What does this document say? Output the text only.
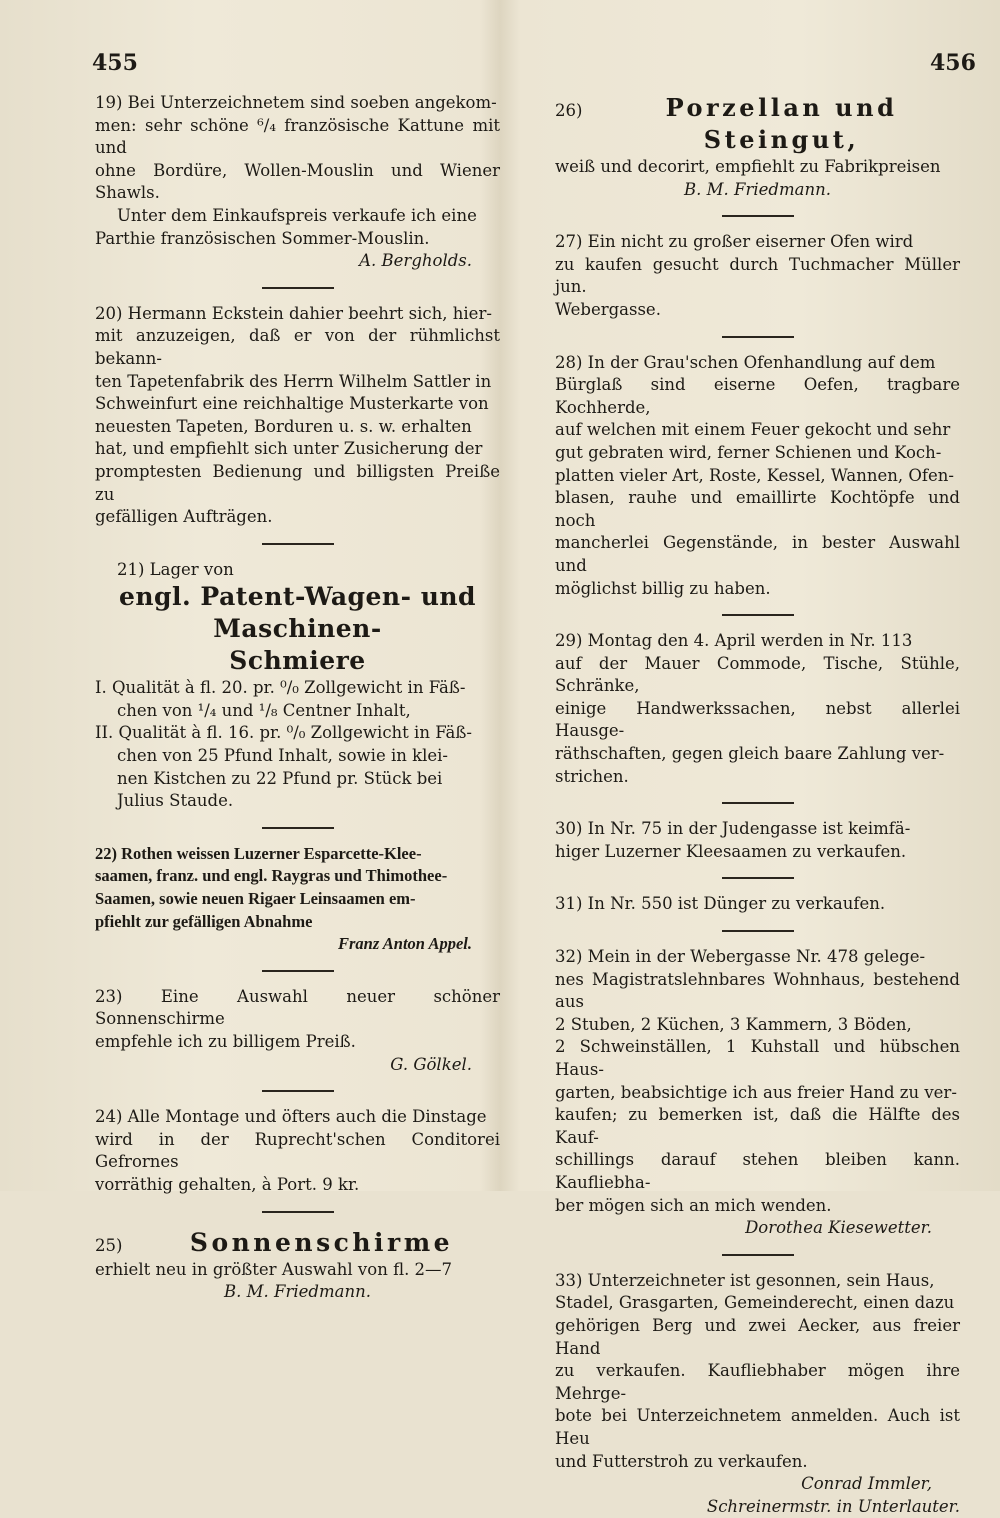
455	456

19) Bei Unterzeichnetem sind soeben angekom-

men: sehr schöne ⁶/₄ französische Kattune mit und

ohne Bordüre, Wollen-Mouslin und Wiener Shawls.

Unter dem Einkaufspreis verkaufe ich eine

Parthie französischen Sommer-Mouslin.

A. Bergholds.

20) Hermann Eckstein dahier beehrt sich, hier-

mit anzuzeigen, daß er von der rühmlichst bekann-

ten Tapetenfabrik des Herrn Wilhelm Sattler in

Schweinfurt eine reichhaltige Musterkarte von

neuesten Tapeten, Borduren u. s. w. erhalten

hat, und empfiehlt sich unter Zusicherung der

promptesten Bedienung und billigsten Preiße zu

gefälligen Aufträgen.

21) Lager von

engl. Patent-Wagen- und Maschinen-

Schmiere

I. Qualität à fl. 20. pr. ⁰/₀ Zollgewicht in Fäß-

chen von ¹/₄ und ¹/₈ Centner Inhalt,

II. Qualität à fl. 16. pr. ⁰/₀ Zollgewicht in Fäß-

chen von 25 Pfund Inhalt, sowie in klei-

nen Kistchen zu 22 Pfund pr. Stück bei

Julius Staude.

22) Rothen weissen Luzerner Esparcette-Klee-

saamen, franz. und engl. Raygras und Thimothee-

Saamen, sowie neuen Rigaer Leinsaamen em-

pfiehlt zur gefälligen Abnahme

Franz Anton Appel.

23) Eine Auswahl neuer schöner Sonnenschirme

empfehle ich zu billigem Preiß.

G. Gölkel.

24) Alle Montage und öfters auch die Dinstage

wird in der Ruprecht'schen Conditorei Gefrornes

vorräthig gehalten, à Port. 9 kr.

25)	Sonnenschirme

erhielt neu in größter Auswahl von fl. 2—7

B. M. Friedmann.

26)	Porzellan und Steingut,

weiß und decorirt, empfiehlt zu Fabrikpreisen

B. M. Friedmann.

27) Ein nicht zu großer eiserner Ofen wird

zu kaufen gesucht durch Tuchmacher Müller jun.

Webergasse.

28) In der Grau'schen Ofenhandlung auf dem

Bürglaß sind eiserne Oefen, tragbare Kochherde,

auf welchen mit einem Feuer gekocht und sehr

gut gebraten wird, ferner Schienen und Koch-

platten vieler Art, Roste, Kessel, Wannen, Ofen-

blasen, rauhe und emaillirte Kochtöpfe und noch

mancherlei Gegenstände, in bester Auswahl und

möglichst billig zu haben.

29) Montag den 4. April werden in Nr. 113

auf der Mauer Commode, Tische, Stühle, Schränke,

einige Handwerkssachen, nebst allerlei Hausge-

räthschaften, gegen gleich baare Zahlung ver-

strichen.

30) In Nr. 75 in der Judengasse ist keimfä-

higer Luzerner Kleesaamen zu verkaufen.

31) In Nr. 550 ist Dünger zu verkaufen.

32) Mein in der Webergasse Nr. 478 gelege-

nes Magistratslehnbares Wohnhaus, bestehend aus

2 Stuben, 2 Küchen, 3 Kammern, 3 Böden,

2 Schweinställen, 1 Kuhstall und hübschen Haus-

garten, beabsichtige ich aus freier Hand zu ver-

kaufen; zu bemerken ist, daß die Hälfte des Kauf-

schillings darauf stehen bleiben kann. Kaufliebha-

ber mögen sich an mich wenden.

Dorothea Kiesewetter.

33) Unterzeichneter ist gesonnen, sein Haus,

Stadel, Grasgarten, Gemeinderecht, einen dazu

gehörigen Berg und zwei Aecker, aus freier Hand

zu verkaufen. Kaufliebhaber mögen ihre Mehrge-

bote bei Unterzeichnetem anmelden. Auch ist Heu

und Futterstroh zu verkaufen.

Conrad Immler,

Schreinermstr. in Unterlauter.
